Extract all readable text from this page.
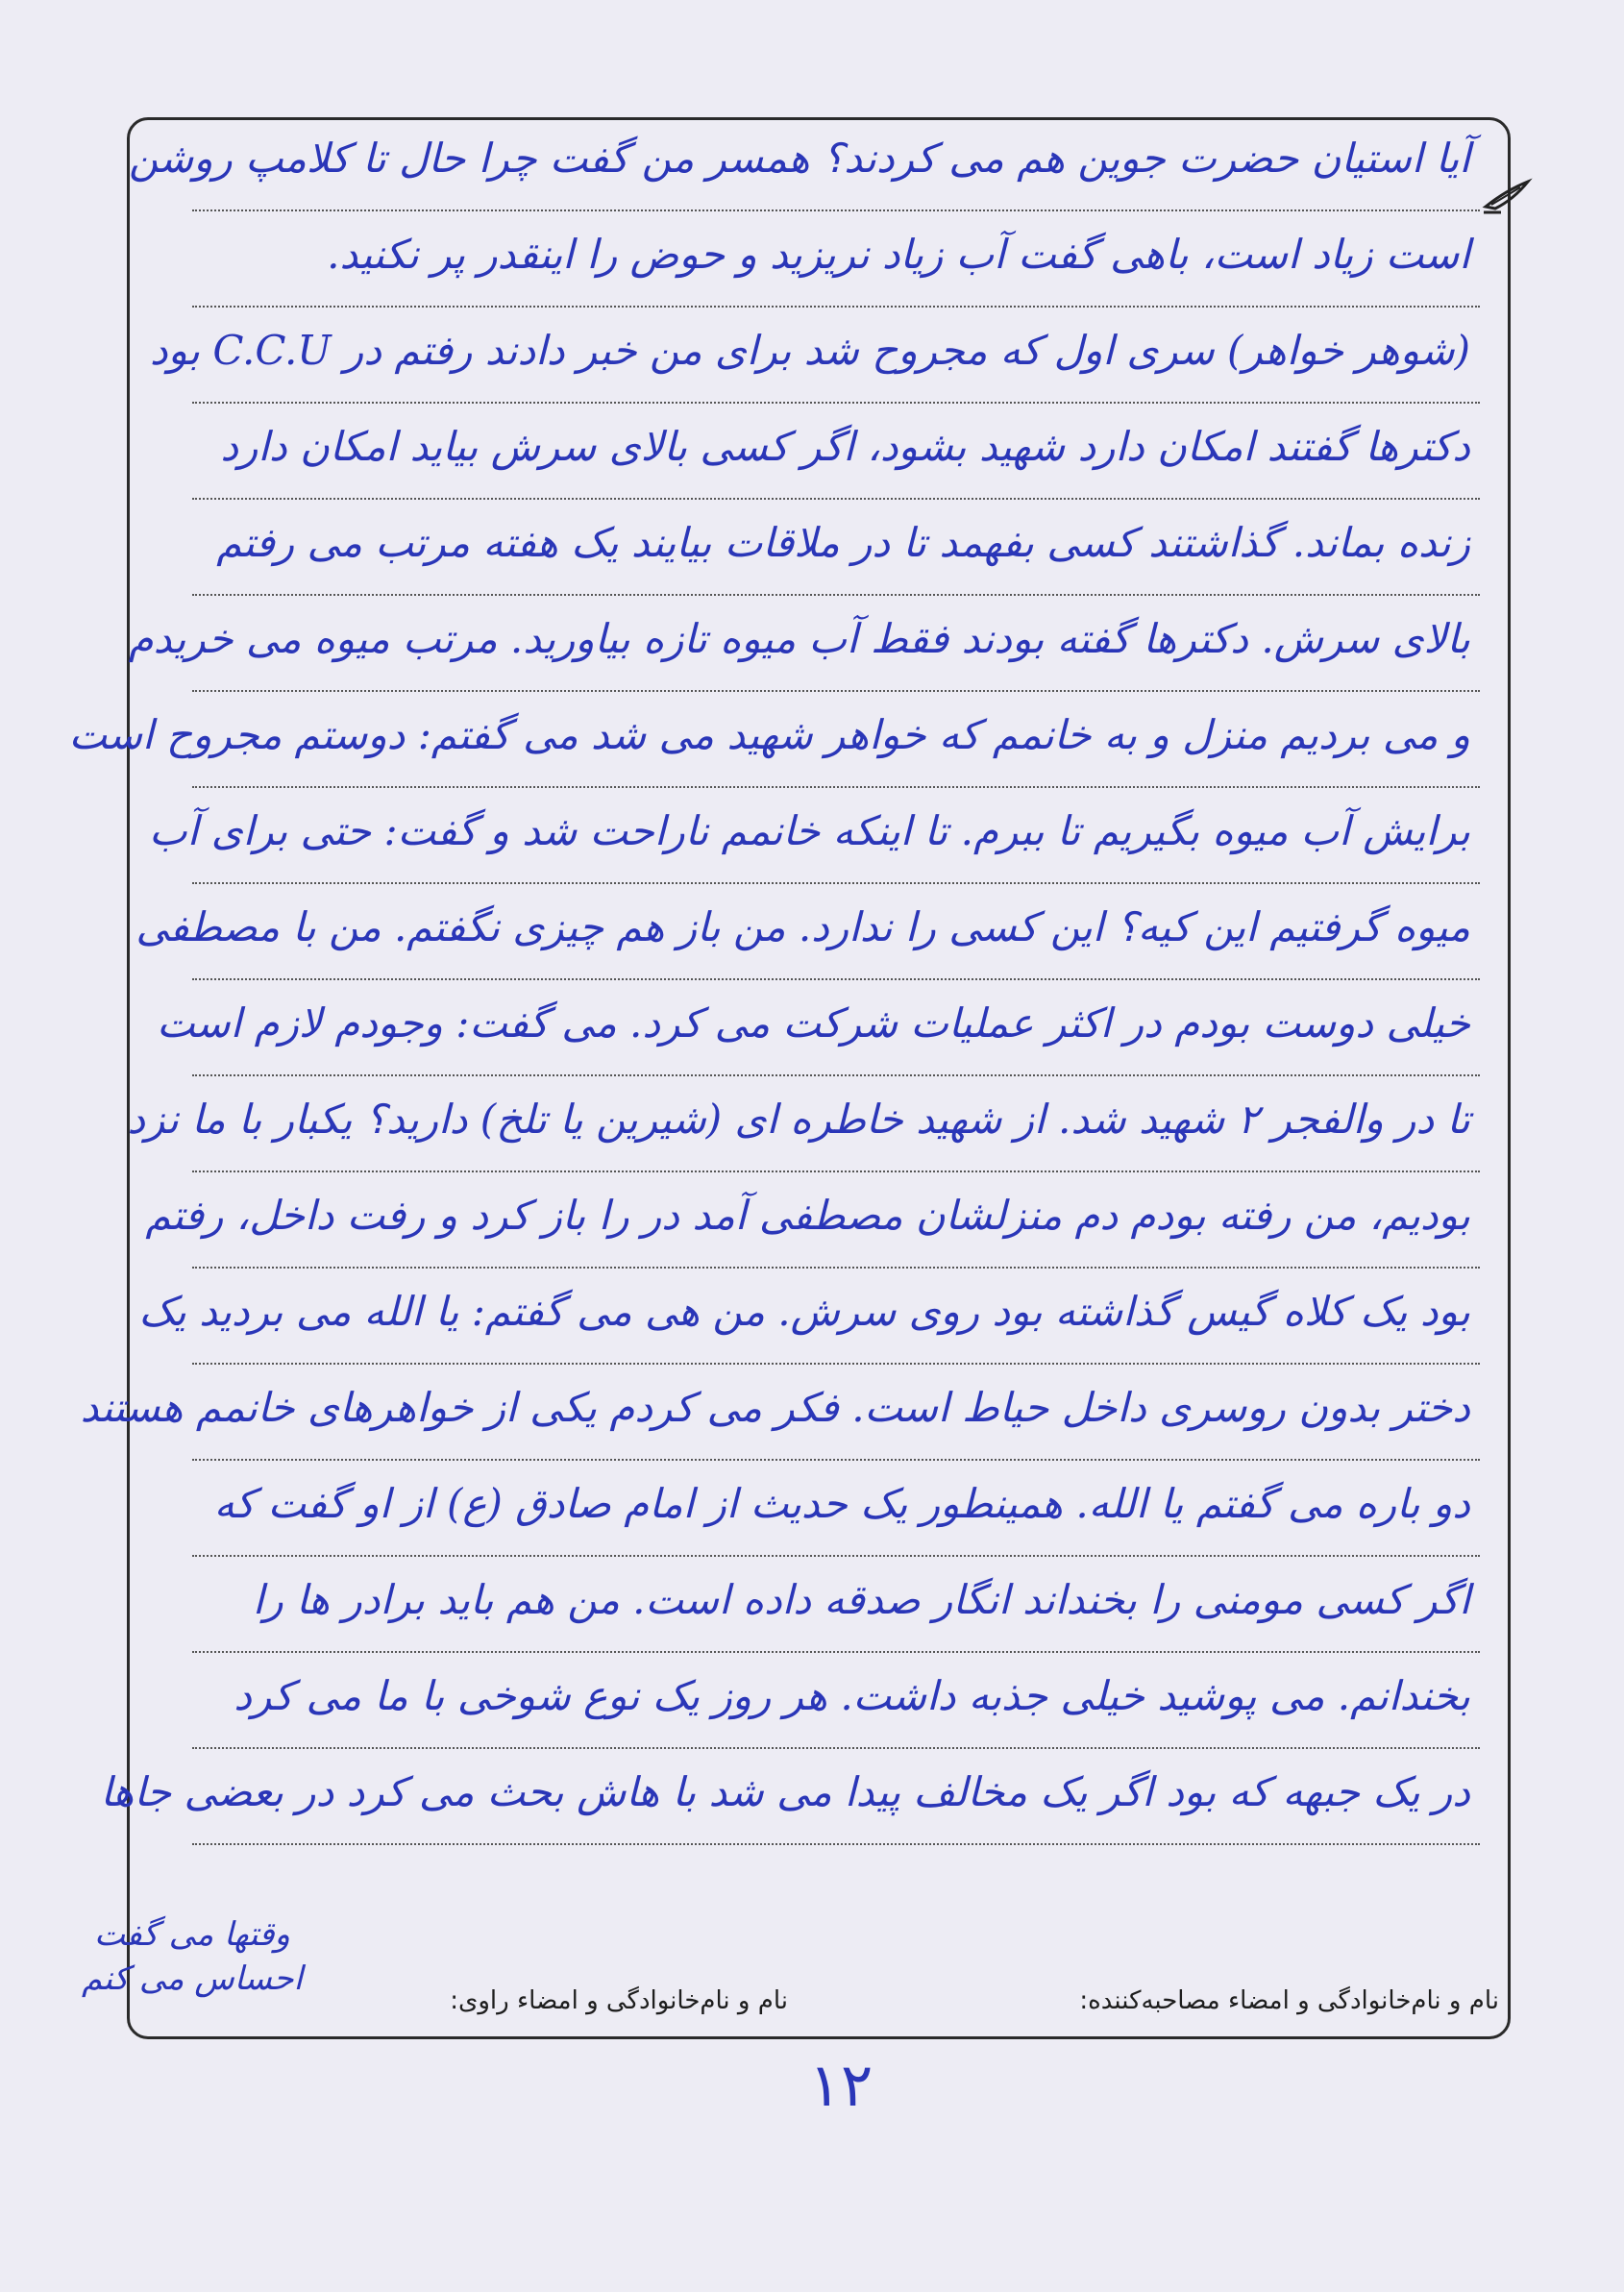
آیا استیان حضرت جوین هم می کردند؟ همسر من گفت چرا حال تا کلامپ روشن
است زیاد است، باهی گفت آب زیاد نریزید و حوض را اینقدر پر نکنید.
(شوهر خواهر) سری اول که مجروح شد برای من خبر دادند رفتم در C.C.U بود
دکترها گفتند امکان دارد شهید بشود، اگر کسی بالای سرش بیاید امکان دارد
زنده بماند. گذاشتند کسی بفهمد تا در ملاقات بیایند یک هفته مرتب می رفتم
بالای سرش. دکترها گفته بودند فقط آب میوه تازه بیاورید. مرتب میوه می خریدم
و می بردیم منزل و به خانمم که خواهر شهید می شد می گفتم: دوستم مجروح است
برایش آب میوه بگیریم تا ببرم. تا اینکه خانمم ناراحت شد و گفت: حتی برای آب
میوه گرفتیم این کیه؟ این کسی را ندارد. من باز هم چیزی نگفتم. من با مصطفی
خیلی دوست بودم در اکثر عملیات شرکت می کرد. می گفت: وجودم لازم است
تا در والفجر ۲ شهید شد. از شهید خاطره ای (شیرین یا تلخ) دارید؟ یکبار با ما نزد
بودیم، من رفته بودم دم منزلشان مصطفی آمد در را باز کرد و رفت داخل، رفتم
بود یک کلاه گیس گذاشته بود روی سرش. من هی می گفتم: یا الله می بردید یک
دختر بدون روسری داخل حیاط است. فکر می کردم یکی از خواهرهای خانمم هستند
دو باره می گفتم یا الله. همینطور یک حدیث از امام صادق (ع) از او گفت که
اگر کسی مومنی را بخنداند انگار صدقه داده است. من هم باید برادر ها را
بخندانم. می پوشید خیلی جذبه داشت. هر روز یک نوع شوخی با ما می کرد
در یک جبهه که بود اگر یک مخالف پیدا می شد با هاش بحث می کرد در بعضی جاها
نام و نام‌خانوادگی و امضاء مصاحبه‌کننده:
نام و نام‌خانوادگی و امضاء راوی:
وقتها می گفت
احساس می کنم
۱۲
